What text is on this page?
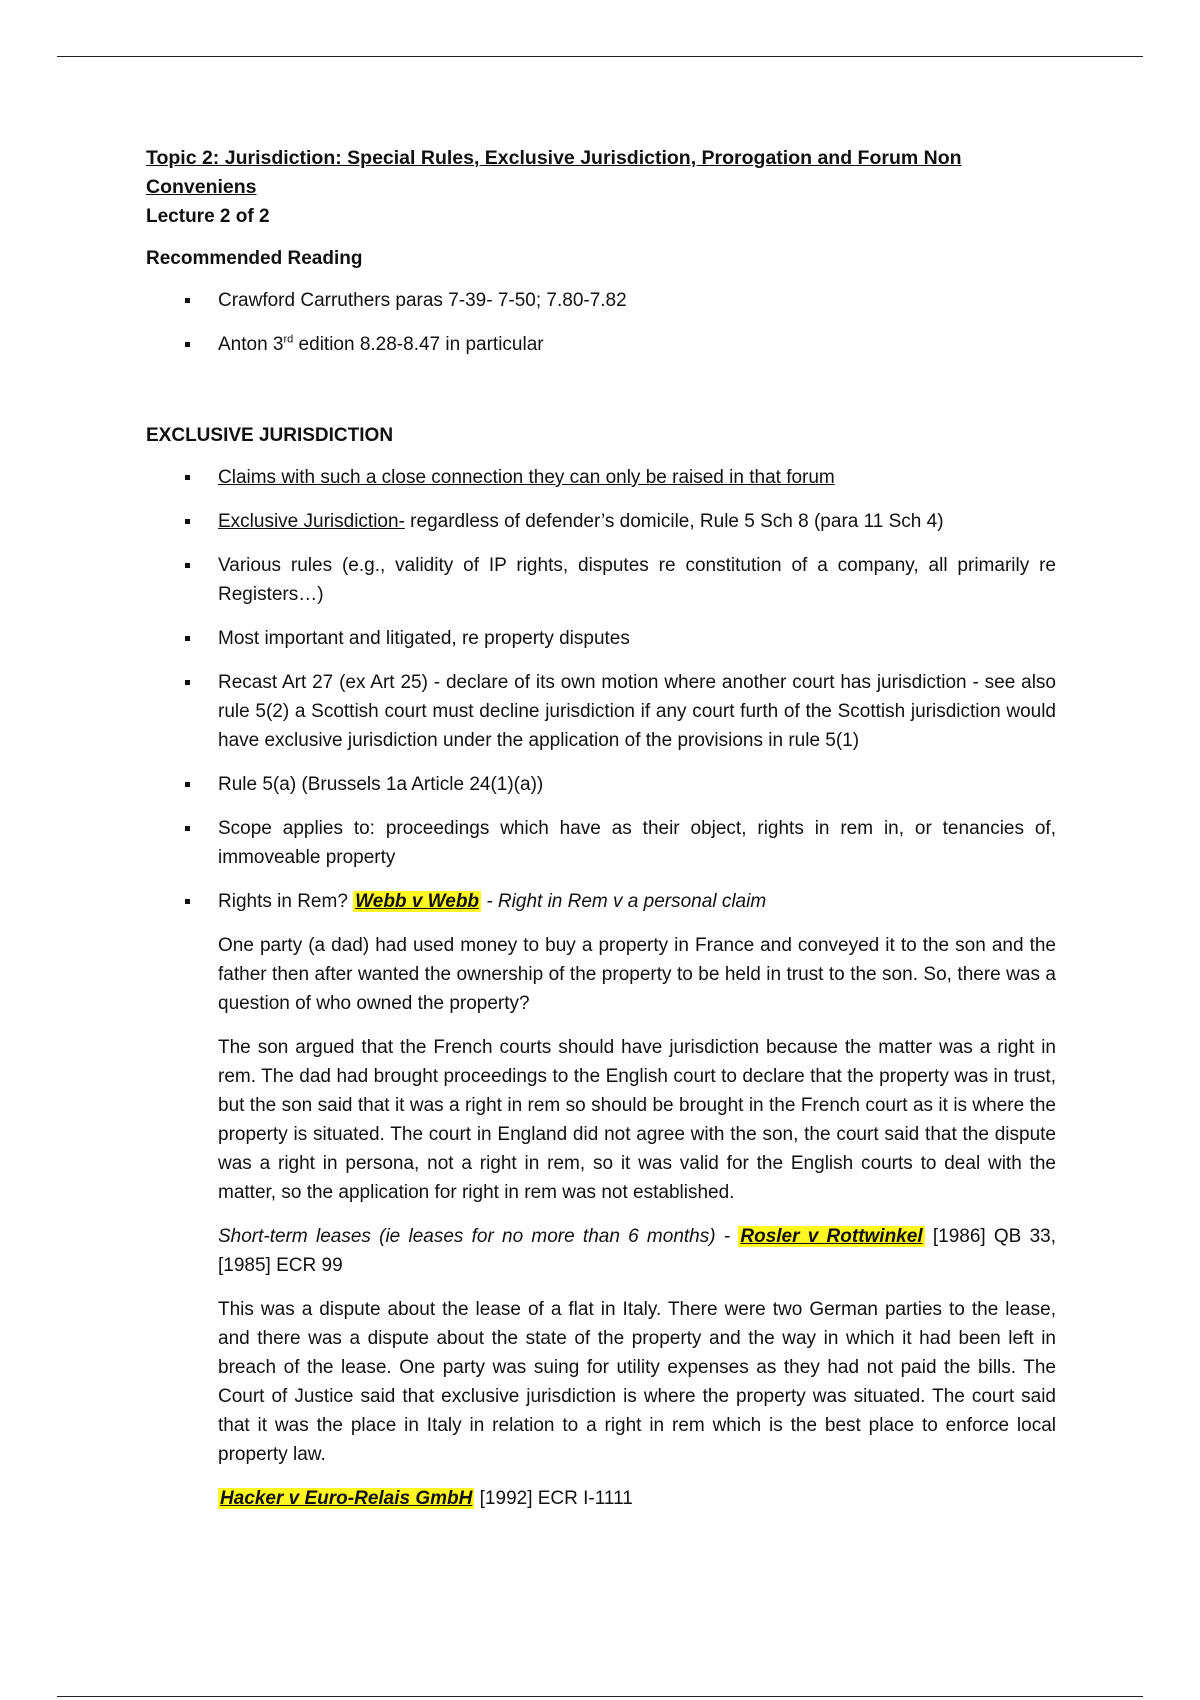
Topic 2: Jurisdiction: Special Rules, Exclusive Jurisdiction, Prorogation and Forum Non Conveniens

Lecture 2 of 2

Recommended Reading

Crawford Carruthers paras 7-39- 7-50; 7.80-7.82
Anton 3rd edition 8.28-8.47 in particular

EXCLUSIVE JURISDICTION

Claims with such a close connection they can only be raised in that forum
Exclusive Jurisdiction- regardless of defender’s domicile, Rule 5 Sch 8 (para 11 Sch 4)
Various rules (e.g., validity of IP rights, disputes re constitution of a company, all primarily re Registers…)
Most important and litigated, re property disputes
Recast Art 27 (ex Art 25) - declare of its own motion where another court has jurisdiction - see also rule 5(2) a Scottish court must decline jurisdiction if any court furth of the Scottish jurisdiction would have exclusive jurisdiction under the application of the provisions in rule 5(1)
Rule 5(a) (Brussels 1a Article 24(1)(a))
Scope applies to: proceedings which have as their object, rights in rem in, or tenancies of, immoveable property
Rights in Rem? Webb v Webb - Right in Rem v a personal claim

One party (a dad) had used money to buy a property in France and conveyed it to the son and the father then after wanted the ownership of the property to be held in trust to the son. So, there was a question of who owned the property?

The son argued that the French courts should have jurisdiction because the matter was a right in rem. The dad had brought proceedings to the English court to declare that the property was in trust, but the son said that it was a right in rem so should be brought in the French court as it is where the property is situated. The court in England did not agree with the son, the court said that the dispute was a right in persona, not a right in rem, so it was valid for the English courts to deal with the matter, so the application for right in rem was not established.

Short-term leases (ie leases for no more than 6 months) - Rosler v Rottwinkel [1986] QB 33, [1985] ECR 99

This was a dispute about the lease of a flat in Italy. There were two German parties to the lease, and there was a dispute about the state of the property and the way in which it had been left in breach of the lease. One party was suing for utility expenses as they had not paid the bills. The Court of Justice said that exclusive jurisdiction is where the property was situated. The court said that it was the place in Italy in relation to a right in rem which is the best place to enforce local property law.

Hacker v Euro-Relais GmbH [1992] ECR I-1111
